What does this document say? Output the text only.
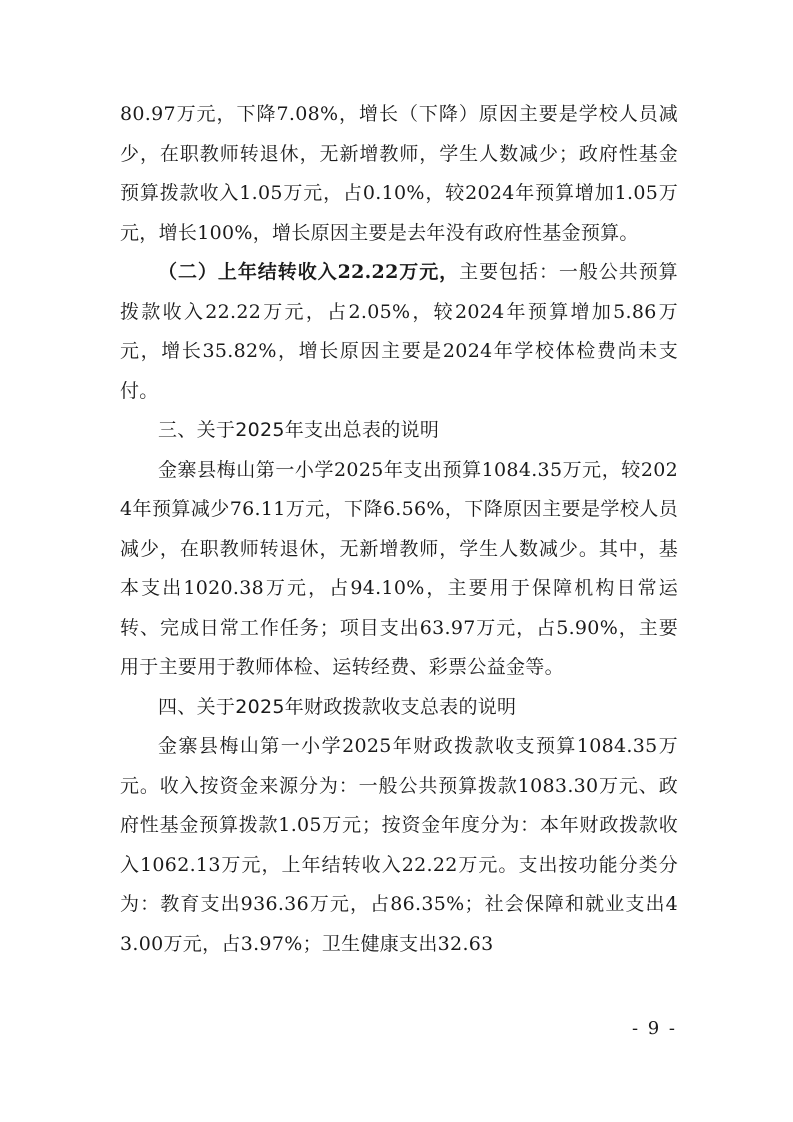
80.97万元，下降7.08%，增长（下降）原因主要是学校人员减少，在职教师转退休，无新增教师，学生人数减少；政府性基金预算拨款收入1.05万元，占0.10%，较2024年预算增加1.05万元，增长100%，增长原因主要是去年没有政府性基金预算。

（二）上年结转收入22.22万元，主要包括：一般公共预算拨款收入22.22万元，占2.05%，较2024年预算增加5.86万元，增长35.82%，增长原因主要是2024年学校体检费尚未支付。

三、关于2025年支出总表的说明

金寨县梅山第一小学2025年支出预算1084.35万元，较2024年预算减少76.11万元，下降6.56%，下降原因主要是学校人员减少，在职教师转退休，无新增教师，学生人数减少。其中，基本支出1020.38万元，占94.10%，主要用于保障机构日常运转、完成日常工作任务；项目支出63.97万元，占5.90%，主要用于主要用于教师体检、运转经费、彩票公益金等。

四、关于2025年财政拨款收支总表的说明

金寨县梅山第一小学2025年财政拨款收支预算1084.35万元。收入按资金来源分为：一般公共预算拨款1083.30万元、政府性基金预算拨款1.05万元；按资金年度分为：本年财政拨款收入1062.13万元，上年结转收入22.22万元。支出按功能分类分为：教育支出936.36万元，占86.35%；社会保障和就业支出43.00万元，占3.97%；卫生健康支出32.63

- 9 -
